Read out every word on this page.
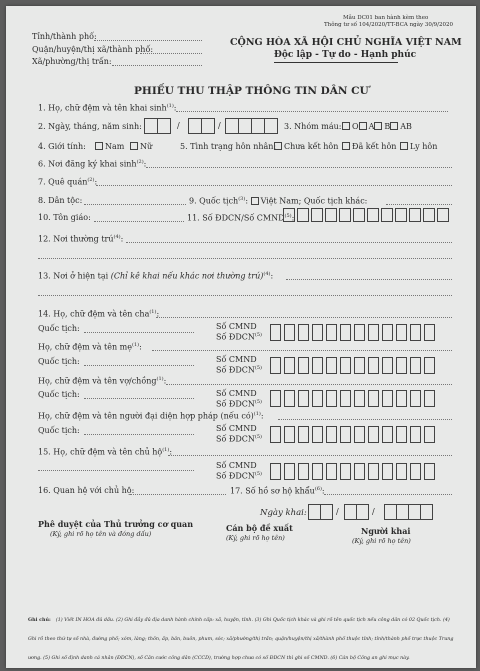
Mẫu DC01 ban hành kèm theo
Thông tư số 104/2020/TT-BCA ngày 30/9/2020
Tỉnh/thành phố:
Quận/huyện/thị xã/thành phố:
Xã/phường/thị trấn:
CỘNG HÒA XÃ HỘI CHỦ NGHĨA VIỆT NAM
Độc lập - Tự do - Hạnh phúc
PHIẾU THU THẬP THÔNG TIN DÂN CƯ
1. Họ, chữ đệm và tên khai $\sinh^{(1)}$:
2. Ngày, tháng, năm sinh:	/	/	3. Nhóm máu:	O A B AB
4. Giới tính:	Nam	Nữ	5. Tình trạng hôn nhân: Chưa kết hôn	Đã kết hôn	Ly hôn
6. Nơi đăng ký khai $\sinh^{(2)}$:
7. Quê quán$^{(2)}$:
8. Dân tộc:	9. Quốc tịch$^{(3)}$: Việt Nam; Quốc tịch khác:
10. Tôn giáo:	11. Số ĐDCN/Số CMND$^{(5)}$:
12. Nơi thường trú$^{(4)}$:
13. Nơi ở hiện tại (Chỉ kê khai nếu khác nơi thường trú)$^{(4)}$:
14. Họ, chữ đệm và tên cha$^{(1)}$:
Quốc tịch:	Số CMND
Số ĐDCN$^{(5)}$
Họ, chữ đệm và tên mẹ$^{(1)}$:
Quốc tịch:	Số CMND
Số ĐDCN$^{(5)}$
Họ, chữ đệm và tên vợ/chồng$^{(1)}$:
Quốc tịch:	Số CMND
Số ĐDCN$^{(5)}$
Họ, chữ đệm và tên người đại diện hợp pháp (nếu có)$^{(1)}$:
Quốc tịch:	Số CMND
Số ĐDCN$^{(5)}$
15. Họ, chữ đệm và tên chủ hộ$^{(1)}$:
Số CMND
Số ĐDCN$^{(5)}$
16. Quan hệ với chủ hộ:	17. Số hồ sơ hộ khẩu$^{(6)}$:
Ngày khai:	/	/
Phê duyệt của Thủ trưởng cơ quan
(Ký, ghi rõ họ tên và đóng dấu)
Cán bộ đề xuất
(Ký, ghi rõ họ tên)
Người khai
(Ký, ghi rõ họ tên)
Ghi chú: (1) Viết IN HOA đủ dấu. (2) Ghi đầy đủ địa danh hành chính cấp: xã, huyện, tỉnh. (3) Ghi Quốc tịch khác và ghi rõ tên quốc tịch nếu công dân có 02 Quốc tịch. (4) Ghi rõ theo thứ tự số nhà, đường phố; xóm, làng; thôn, ấp, bản, buôn, phum, sóc; xã/phường/thị trấn; quận/huyện/thị xã/thành phố thuộc tỉnh; tỉnh/thành phố trực thuộc Trung ương. (5) Ghi số định danh cá nhân (ĐDCN), số Căn cước công dân (CCCD), trường hợp chưa có số ĐDCN thì ghi số CMND. (6) Cán bộ Công an ghi mục này.
